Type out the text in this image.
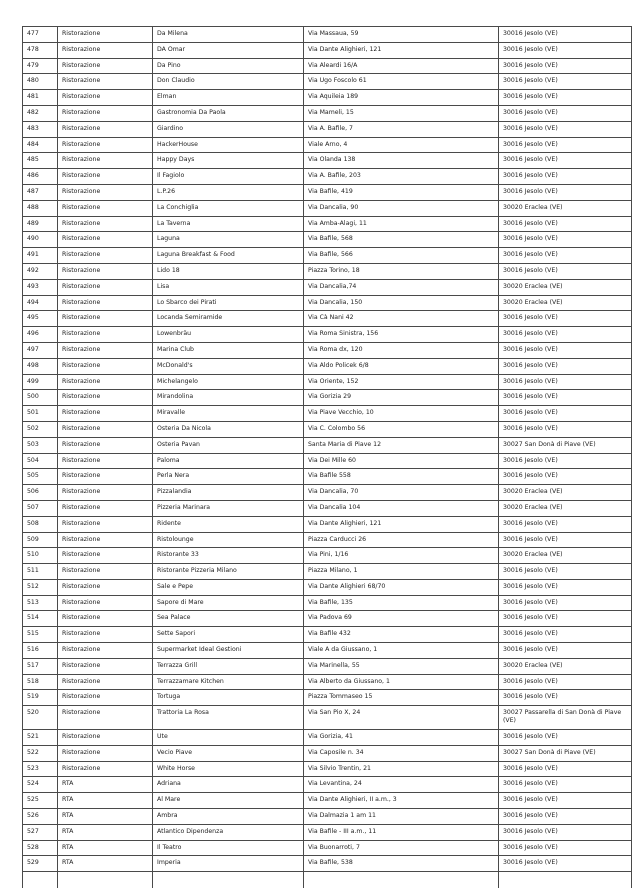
477	Ristorazione	Da Milena	Via Massaua, 59	30016 Jesolo (VE)

478	Ristorazione	DA Omar	Via Dante Alighieri, 121	30016 Jesolo (VE)

479	Ristorazione	Da Pino	Via Aleardi 16/A	30016 Jesolo (VE)

480	Ristorazione	Don Claudio	Via Ugo Foscolo 61	30016 Jesolo (VE)

481	Ristorazione	Elman	Via Aquileia 189	30016 Jesolo (VE)

482	Ristorazione	Gastronomia Da Paola	Via Mameli, 15	30016 Jesolo (VE)

483	Ristorazione	Giardino	Via A. Bafile, 7	30016 Jesolo (VE)

484	Ristorazione	HackerHouse	Viale Arno, 4	30016 Jesolo (VE)

485	Ristorazione	Happy Days	Via Olanda 138	30016 Jesolo (VE)

486	Ristorazione	Il Fagiolo	Via A. Bafile, 203	30016 Jesolo (VE)

487	Ristorazione	L.P.26	Via Bafile, 419	30016 Jesolo (VE)

488	Ristorazione	La Conchiglia	Via Dancalia, 90	30020 Eraclea (VE)

489	Ristorazione	La Taverna	Via Amba-Alagi, 11	30016 Jesolo (VE)

490	Ristorazione	Laguna	Via Bafile, 568	30016 Jesolo (VE)

491	Ristorazione	Laguna Breakfast & Food	Via Bafile, 566	30016 Jesolo (VE)

492	Ristorazione	Lido 18	Piazza Torino, 18	30016 Jesolo (VE)

493	Ristorazione	Lisa	Via Dancalia,74	30020 Eraclea (VE)

494	Ristorazione	Lo Sbarco dei Pirati	Via Dancalia, 150	30020 Eraclea (VE)

495	Ristorazione	Locanda Semiramide	Via Cà Nani 42	30016 Jesolo (VE)

496	Ristorazione	Lowenbräu	Via Roma Sinistra, 156	30016 Jesolo (VE)

497	Ristorazione	Marina Club	Via Roma dx, 120	30016 Jesolo (VE)

498	Ristorazione	McDonald's	Via Aldo Policek 6/8	30016 Jesolo (VE)

499	Ristorazione	Michelangelo	Via Oriente, 152	30016 Jesolo (VE)

500	Ristorazione	Mirandolina	Via Gorizia 29	30016 Jesolo (VE)

501	Ristorazione	Miravalle	Via Piave Vecchio, 10	30016 Jesolo (VE)

502	Ristorazione	Osteria Da Nicola	Via C. Colombo 56	30016 Jesolo (VE)

503	Ristorazione	Osteria Pavan	Santa Maria di Piave 12	30027 San Donà di Piave (VE)

504	Ristorazione	Paloma	Via Dei Mille 60	30016 Jesolo (VE)

505	Ristorazione	Perla Nera	Via Bafile 558	30016 Jesolo (VE)

506	Ristorazione	Pizzalandia	Via Dancalia, 70	30020 Eraclea (VE)

507	Ristorazione	Pizzeria Marinara	Via Dancalia 104	30020 Eraclea (VE)

508	Ristorazione	Ridente	Via Dante Alighieri, 121	30016 Jesolo (VE)

509	Ristorazione	Ristolounge	Piazza Carducci 26	30016 Jesolo (VE)

510	Ristorazione	Ristorante 33	Via Pini, 1/16	30020 Eraclea (VE)

511	Ristorazione	Ristorante Pizzeria Milano	Piazza Milano, 1	30016 Jesolo (VE)

512	Ristorazione	Sale e Pepe	Via Dante Alighieri 68/70	30016 Jesolo (VE)

513	Ristorazione	Sapore di Mare	Via Bafile, 135	30016 Jesolo (VE)

514	Ristorazione	Sea Palace	Via Padova 69	30016 Jesolo (VE)

515	Ristorazione	Sette Sapori	Via Bafile 432	30016 Jesolo (VE)

516	Ristorazione	Supermarket Ideal Gestioni	Viale A da Giussano, 1	30016 Jesolo (VE)

517	Ristorazione	Terrazza Grill	Via Marinella, 55	30020 Eraclea (VE)

518	Ristorazione	Terrazzamare Kitchen	Via Alberto da Giussano, 1	30016 Jesolo (VE)

519	Ristorazione	Tortuga	Piazza Tommaseo 15	30016 Jesolo (VE)

520	Ristorazione	Trattoria La Rosa	Via San Pio X, 24	30027 Passarella di San Donà di Piave (VE)

521	Ristorazione	Ute	Via Gorizia, 41	30016 Jesolo (VE)

522	Ristorazione	Vecio Piave	Via Caposile n. 34	30027 San Donà di Piave (VE)

523	Ristorazione	White Horse	Via Silvio Trentin, 21	30016 Jesolo (VE)

524	RTA	Adriana	Via Levantina, 24	30016 Jesolo (VE)

525	RTA	Al Mare	Via Dante Alighieri, II a.m., 3	30016 Jesolo (VE)

526	RTA	Ambra	Via Dalmazia 1 am 11	30016 Jesolo (VE)

527	RTA	Atlantico Dipendenza	Via Bafile - III a.m., 11	30016 Jesolo (VE)

528	RTA	Il Teatro	Via Buonarroti, 7	30016 Jesolo (VE)

529	RTA	Imperia	Via Bafile, 538	30016 Jesolo (VE)
